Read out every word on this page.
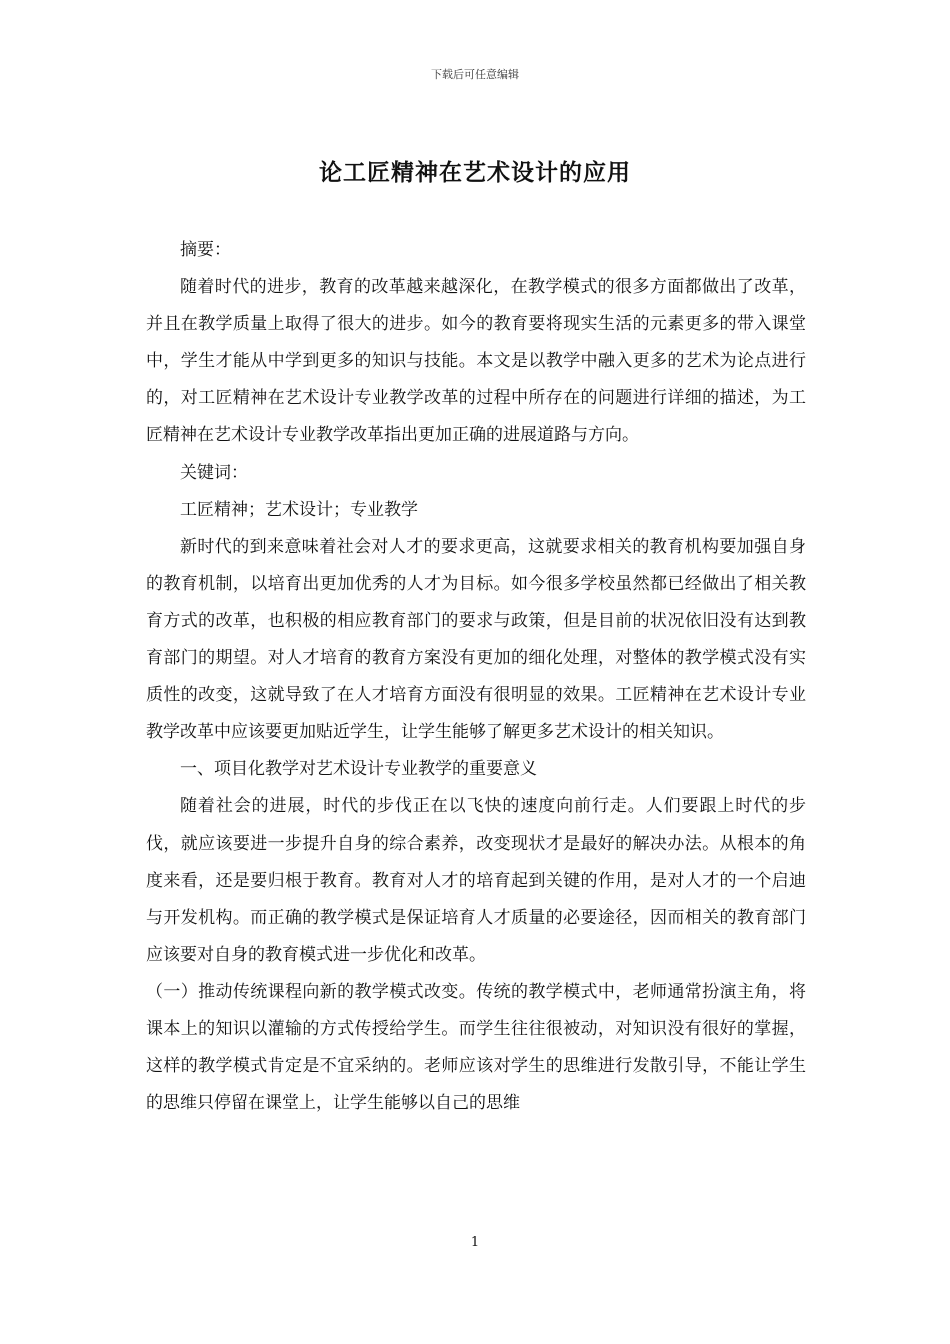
下载后可任意编辑
论工匠精神在艺术设计的应用

摘要：

随着时代的进步，教育的改革越来越深化，在教学模式的很多方面都做出了改革，并且在教学质量上取得了很大的进步。如今的教育要将现实生活的元素更多的带入课堂中，学生才能从中学到更多的知识与技能。本文是以教学中融入更多的艺术为论点进行的，对工匠精神在艺术设计专业教学改革的过程中所存在的问题进行详细的描述，为工匠精神在艺术设计专业教学改革指出更加正确的进展道路与方向。

关键词：

工匠精神；艺术设计；专业教学

新时代的到来意味着社会对人才的要求更高，这就要求相关的教育机构要加强自身的教育机制，以培育出更加优秀的人才为目标。如今很多学校虽然都已经做出了相关教育方式的改革，也积极的相应教育部门的要求与政策，但是目前的状况依旧没有达到教育部门的期望。对人才培育的教育方案没有更加的细化处理，对整体的教学模式没有实质性的改变，这就导致了在人才培育方面没有很明显的效果。工匠精神在艺术设计专业教学改革中应该要更加贴近学生，让学生能够了解更多艺术设计的相关知识。

一、项目化教学对艺术设计专业教学的重要意义

随着社会的进展，时代的步伐正在以飞快的速度向前行走。人们要跟上时代的步伐，就应该要进一步提升自身的综合素养，改变现状才是最好的解决办法。从根本的角度来看，还是要归根于教育。教育对人才的培育起到关键的作用，是对人才的一个启迪与开发机构。而正确的教学模式是保证培育人才质量的必要途径，因而相关的教育部门应该要对自身的教育模式进一步优化和改革。

（一）推动传统课程向新的教学模式改变。传统的教学模式中，老师通常扮演主角，将课本上的知识以灌输的方式传授给学生。而学生往往很被动，对知识没有很好的掌握，这样的教学模式肯定是不宜采纳的。老师应该对学生的思维进行发散引导，不能让学生的思维只停留在课堂上，让学生能够以自己的思维

1
